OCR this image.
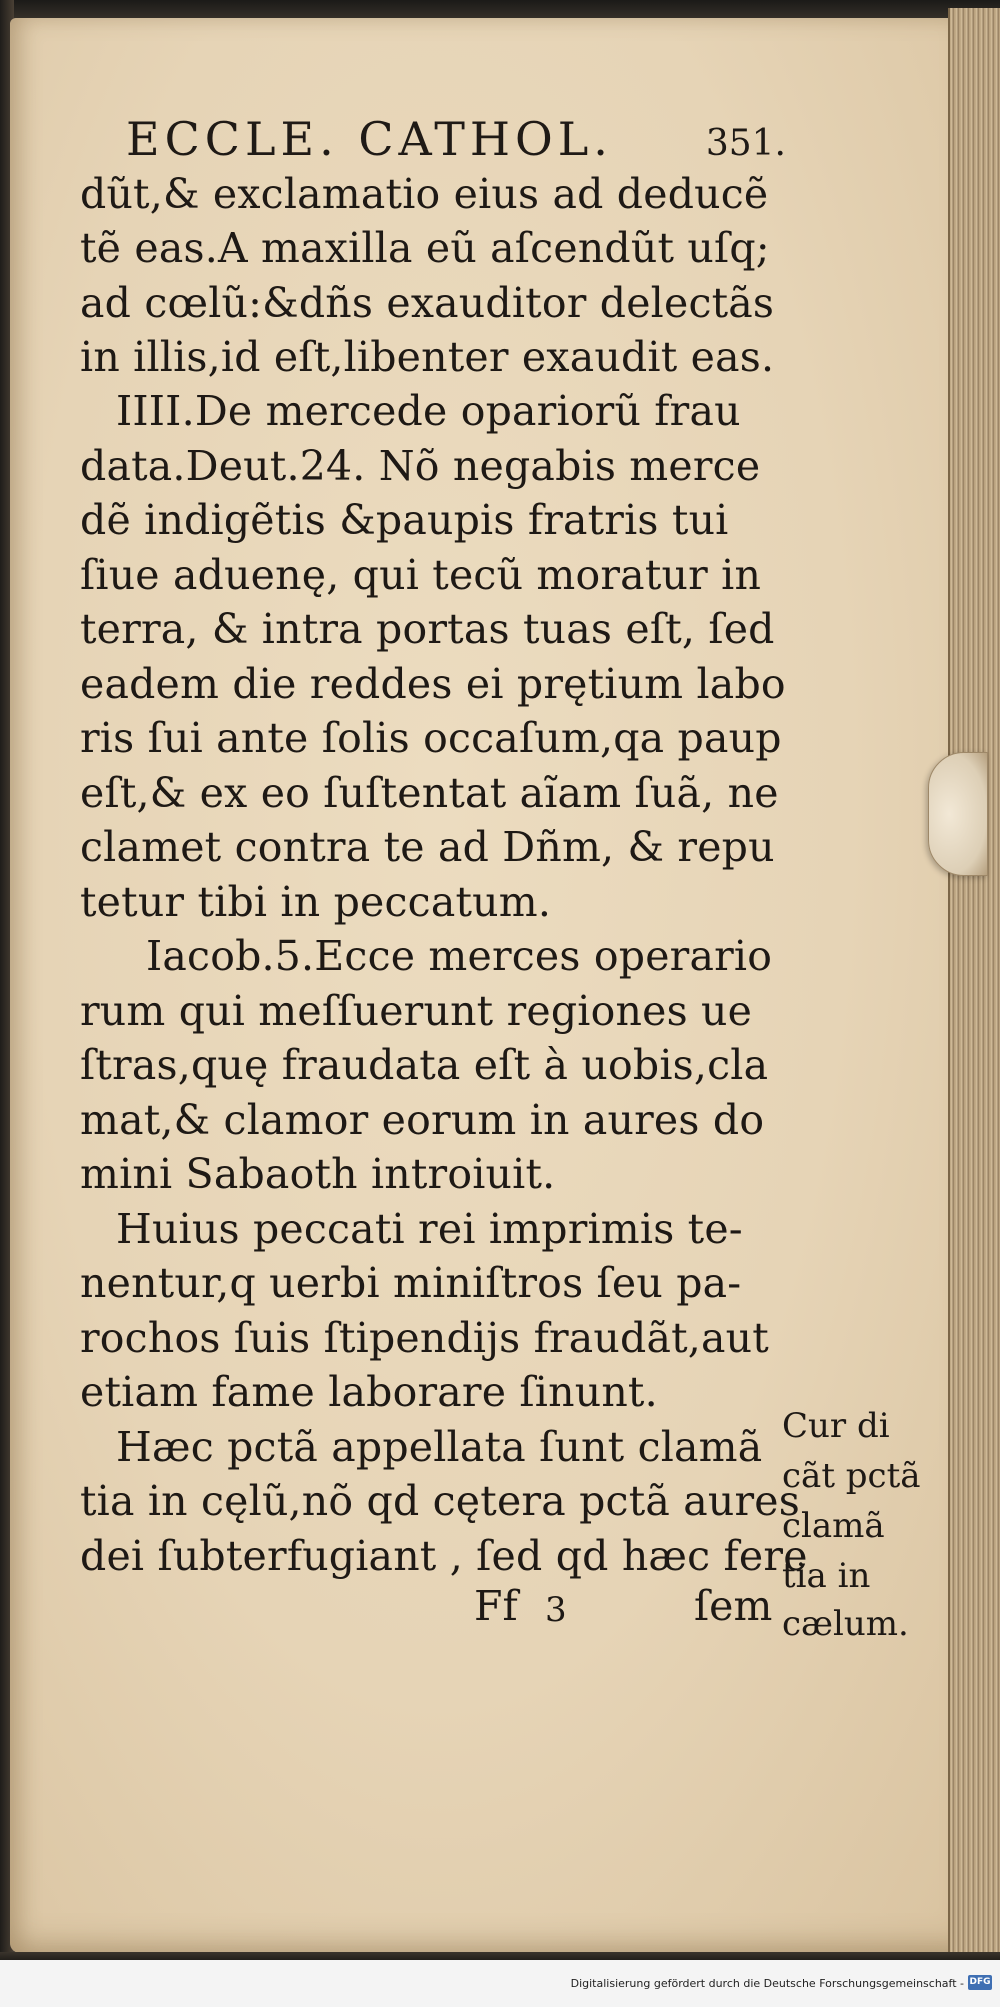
ECCLE. CATHOL.	351.
dũt,& exclamatio eius ad deducẽ
tẽ eas.A maxilla eũ aſcendũt uſq;
ad cœlũ:&dñs exauditor delectãs
in illis,id eſt,libenter exaudit eas.
IIII.De mercede opariorũ frau
data.Deut.24. Nõ negabis merce
dẽ indigẽtis &paupis fratris tui
ſiue aduenę, qui tecũ moratur in
terra, & intra portas tuas eſt, ſed
eadem die reddes ei prętium labo
ris ſui ante ſolis occaſum,qa paup
eſt,& ex eo ſuſtentat aĩam ſuã, ne
clamet contra te ad Dñm, & repu
tetur tibi in peccatum.
Iacob.5.Ecce merces operario
rum qui meſſuerunt regiones ue
ſtras,quę fraudata eſt à uobis,cla
mat,& clamor eorum in aures do
mini Sabaoth introiuit.
Huius peccati rei imprimis te-
nentur,q uerbi miniſtros ſeu pa-
rochos ſuis ſtipendijs fraudãt,aut
etiam fame laborare ſinunt.
Hæc pctã appellata ſunt clamã
tia in cęlũ,nõ qd cętera pctã aures
dei ſubterfugiant , ſed qd hæc fere
Ff 3	ſem
Cur di
cãt pctã
clamã
tia in
cælum.
Digitalisierung gefördert durch die Deutsche Forschungsgemeinschaft - DFG
